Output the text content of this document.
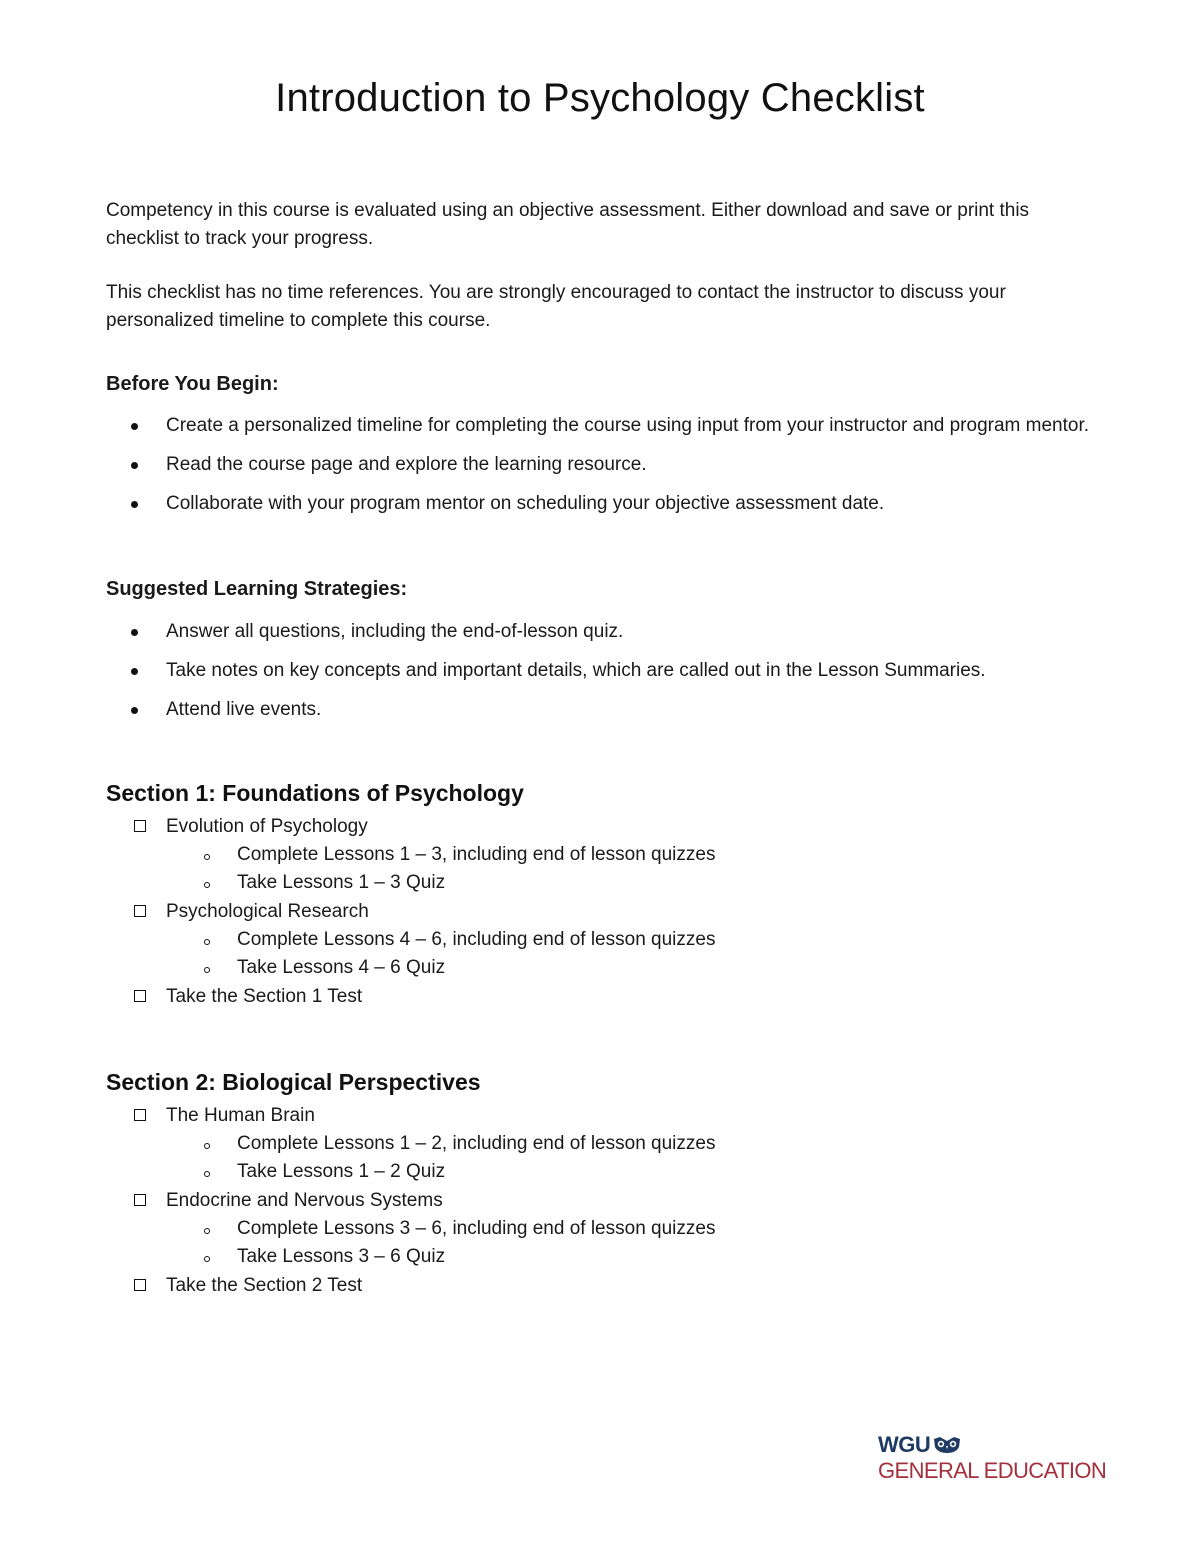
Introduction to Psychology Checklist

Competency in this course is evaluated using an objective assessment. Either download and save or print this checklist to track your progress.

This checklist has no time references. You are strongly encouraged to contact the instructor to discuss your personalized timeline to complete this course.

Before You Begin:
Create a personalized timeline for completing the course using input from your instructor and program mentor.
Read the course page and explore the learning resource.
Collaborate with your program mentor on scheduling your objective assessment date.
Suggested Learning Strategies:
Answer all questions, including the end-of-lesson quiz.
Take notes on key concepts and important details, which are called out in the Lesson Summaries.
Attend live events.
Section 1: Foundations of Psychology
Evolution of Psychology
Complete Lessons 1 – 3, including end of lesson quizzes
Take Lessons 1 – 3 Quiz
Psychological Research
Complete Lessons 4 – 6, including end of lesson quizzes
Take Lessons 4 – 6 Quiz
Take the Section 1 Test
Section 2: Biological Perspectives
The Human Brain
Complete Lessons 1 – 2, including end of lesson quizzes
Take Lessons 1 – 2 Quiz
Endocrine and Nervous Systems
Complete Lessons 3 – 6, including end of lesson quizzes
Take Lessons 3 – 6 Quiz
Take the Section 2 Test
WGU
GENERAL EDUCATION
